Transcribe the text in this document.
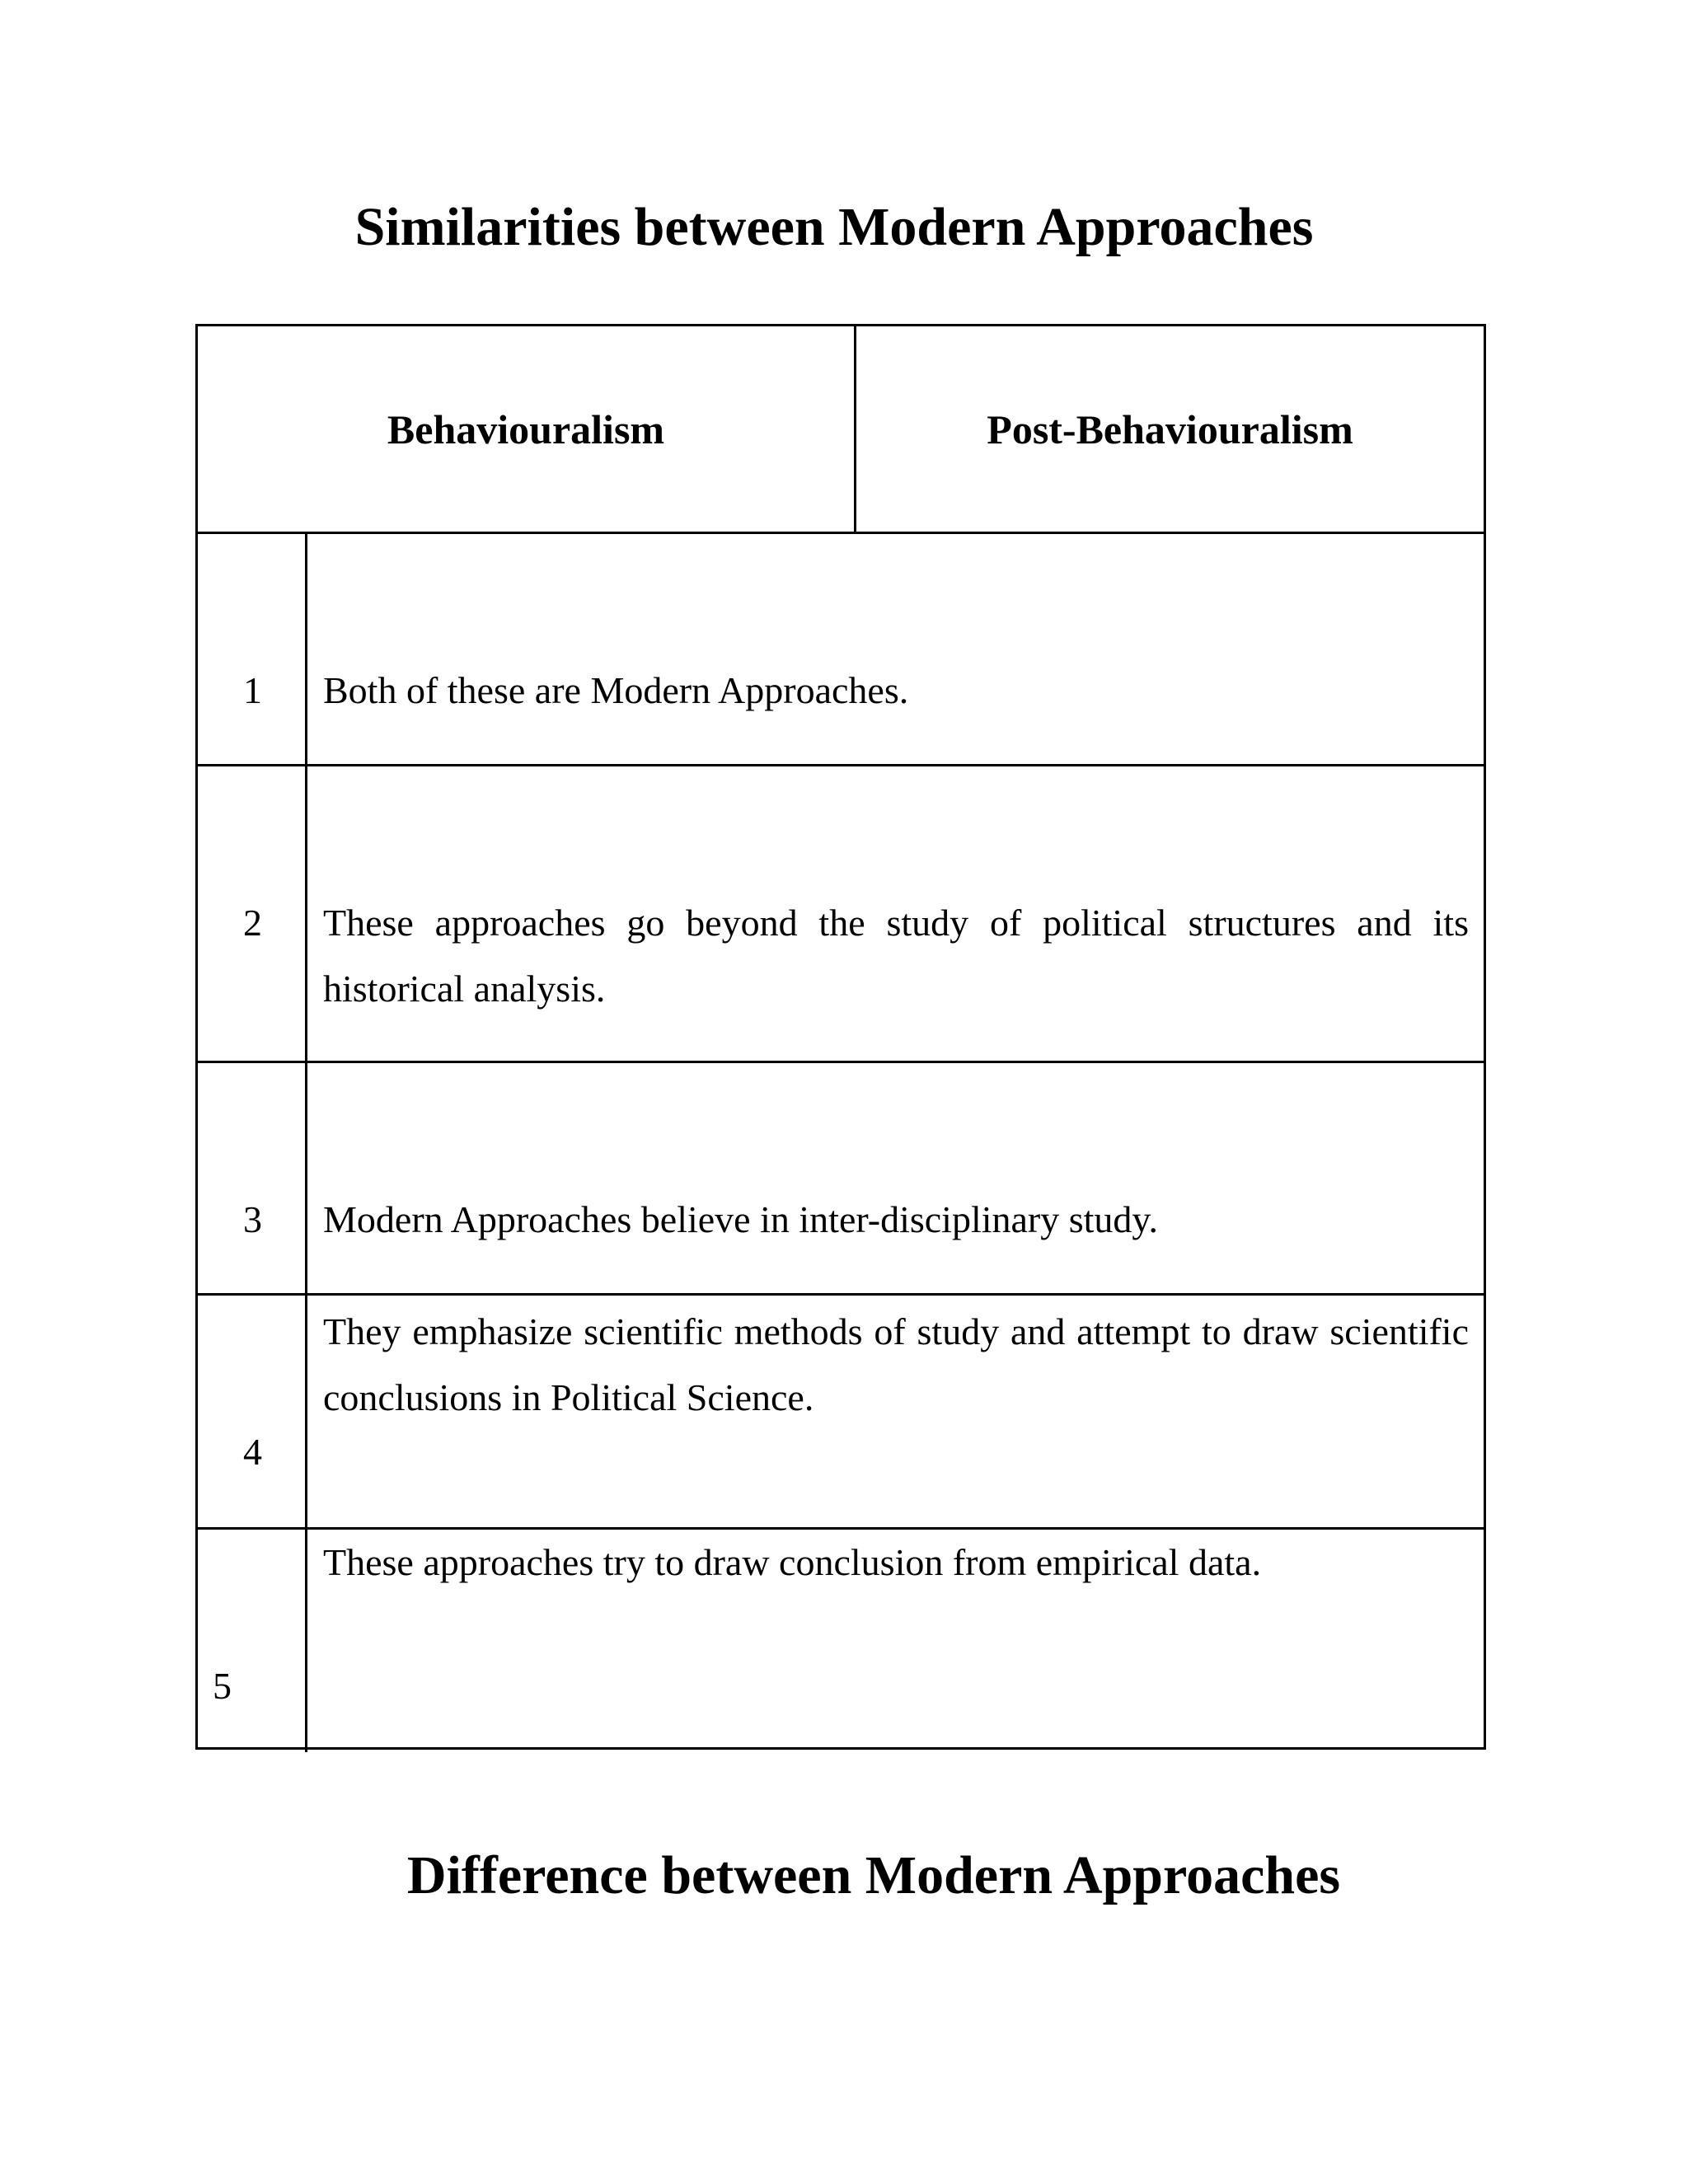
Similarities between Modern Approaches
Behaviouralism	Post-Behaviouralism
1 Both of these are Modern Approaches.
2 These approaches go beyond the study of political structures and its historical analysis.
3 Modern Approaches believe in inter-disciplinary study.
4
They emphasize scientific methods of study and attempt to draw scientific conclusions in Political Science.
5
These approaches try to draw conclusion from empirical data.
Difference between Modern Approaches
